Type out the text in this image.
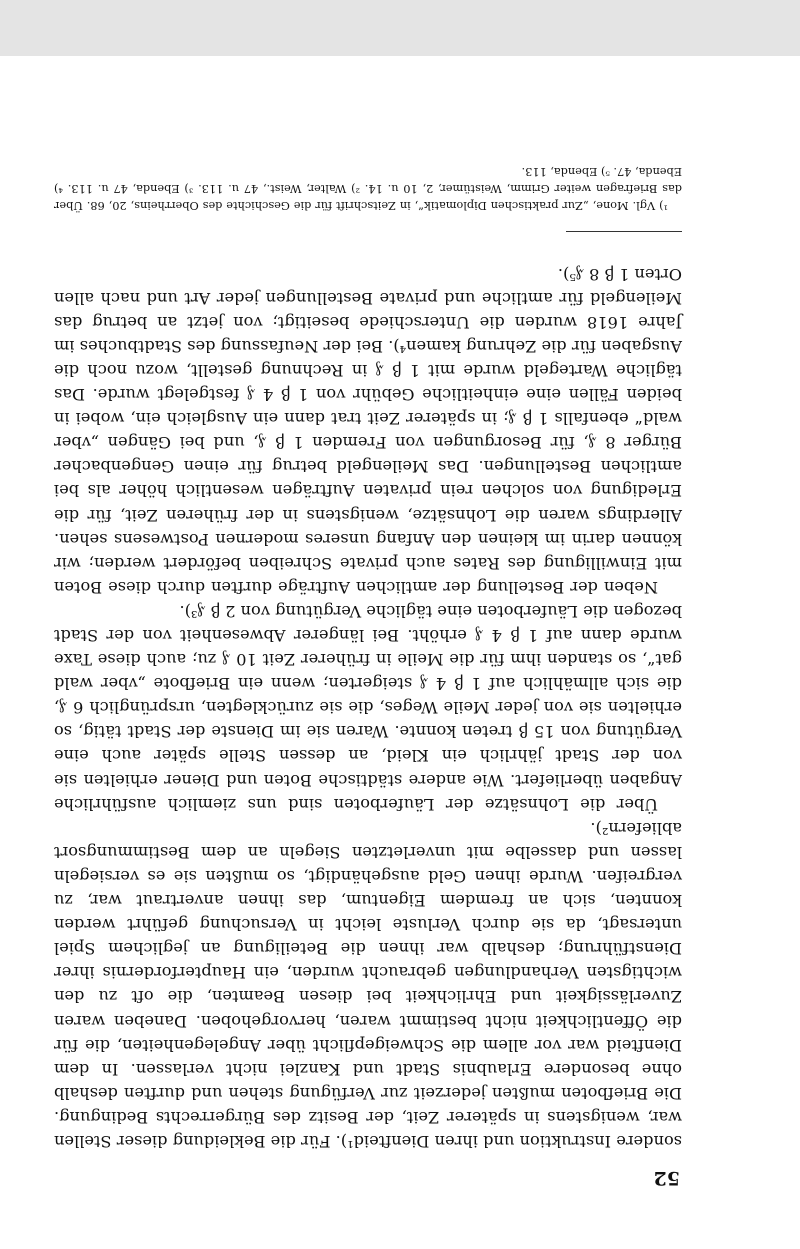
52

sondere Instruktion und ihren Dienfteid¹). Für die Bekleidung dieser Stellen war, wenigstens in späterer Zeit, der Besitz des Bürgerrechts Bedingung. Die Briefboten mußten jederzeit zur Verfügung stehen und durften deshalb ohne besondere Erlaubnis Stadt und Kanzlei nicht verlassen. In dem Dienfteid war vor allem die Schweigepflicht über Angelegenheiten, die für die Öffentlichkeit nicht bestimmt waren, hervorgehoben. Daneben waren Zuverlässigkeit und Ehrlichkeit bei diesen Beamten, die oft zu den wichtigsten Verhandlungen gebraucht wurden, ein Haupterfordernis ihrer Dienstführung; deshalb war ihnen die Beteiligung an jeglichem Spiel untersagt, da sie durch Verluste leicht in Versuchung geführt werden konnten, sich an fremdem Eigentum, das ihnen anvertraut war, zu vergreifen. Wurde ihnen Geld ausgehändigt, so mußten sie es versiegeln lassen und dasselbe mit unverletzten Siegeln an dem Bestimmungsort abliefern²).

Über die Lohnsätze der Läuferboten sind uns ziemlich ausführliche Angaben überliefert. Wie andere städtische Boten und Diener erhielten sie von der Stadt jährlich ein Kleid, an dessen Stelle später auch eine Vergütung von 15 β treten konnte. Waren sie im Dienste der Stadt tätig, so erhielten sie von jeder Meile Weges, die sie zurücklegten, ursprünglich 6 ₰, die sich allmählich auf 1 β 4 ₰ steigerten; wenn ein Briefbote „vber wald gat“, so standen ihm für die Meile in früherer Zeit 10 ₰ zu; auch diese Taxe wurde dann auf 1 β 4 ₰ erhöht. Bei längerer Abwesenheit von der Stadt bezogen die Läuferboten eine tägliche Vergütung von 2 β ₰³).

Neben der Bestellung der amtlichen Aufträge durften durch diese Boten mit Einwilligung des Rates auch private Schreiben befördert werden; wir können darin im kleinen den Anfang unseres modernen Postwesens sehen. Allerdings waren die Lohnsätze, wenigstens in der früheren Zeit, für die Erledigung von solchen rein privaten Aufträgen wesentlich höher als bei amtlichen Bestellungen. Das Meilengeld betrug für einen Gengenbacher Bürger 8 ₰, für Besorgungen von Fremden 1 β ₰, und bei Gängen „vber wald“ ebenfalls 1 β ₰; in späterer Zeit trat dann ein Ausgleich ein, wobei in beiden Fällen eine einheitliche Gebühr von 1 β 4 ₰ festgelegt wurde. Das tägliche Wartegeld wurde mit 1 β ₰ in Rechnung gestellt, wozu noch die Ausgaben für die Zehrung kamen⁴). Bei der Neufassung des Stadtbuches im Jahre 1618 wurden die Unterschiede beseitigt; von jetzt an betrug das Meilengeld für amtliche und private Bestellungen jeder Art und nach allen Orten 1 β 8 ₰⁵).

¹) Vgl. Mone, „Zur praktischen Diplomatik“, in Zeitschrift für die Geschichte des Oberrheins, 20, 68. Über das Briefragen weiter Grimm, Weistümer, 2, 10 u. 14. ²) Walter, Weist., 47 u. 113. ³) Ebenda, 47 u. 113. ⁴) Ebenda, 47. ⁵) Ebenda, 113.
